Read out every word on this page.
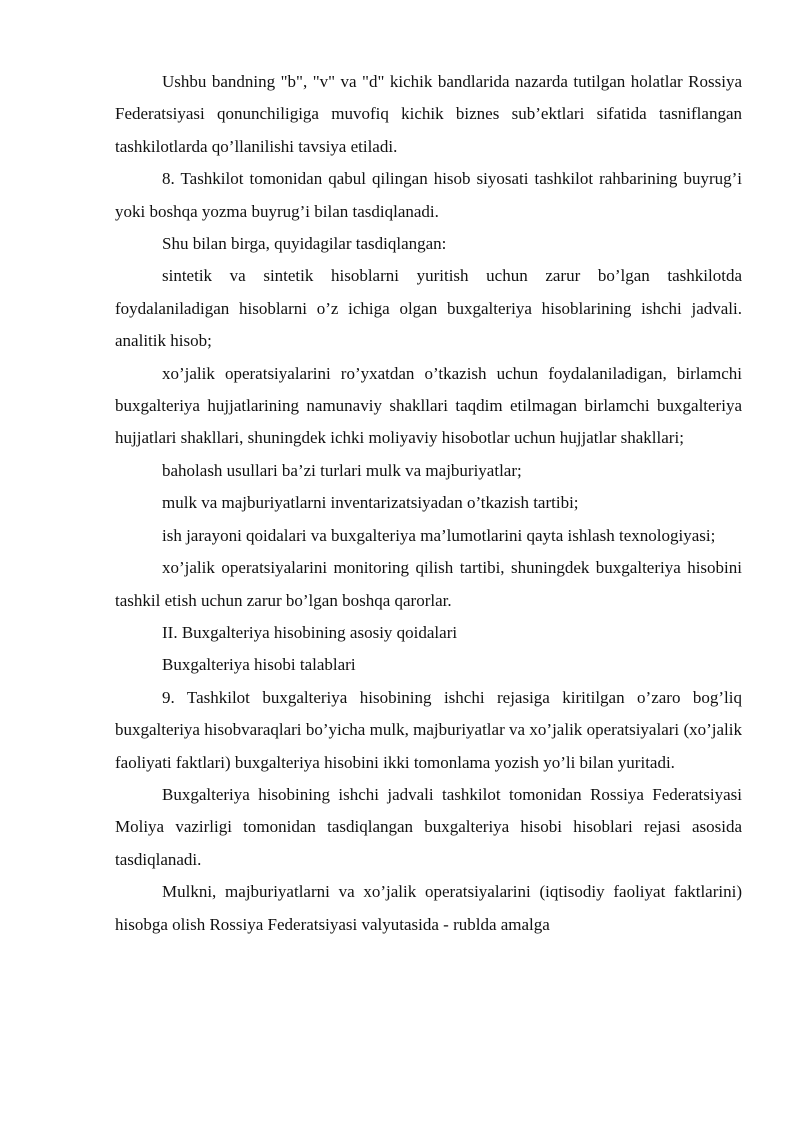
Ushbu bandning "b", "v" va "d" kichik bandlarida nazarda tutilgan holatlar Rossiya Federatsiyasi qonunchiligiga muvofiq kichik biznes sub’ektlari sifatida tasniflangan tashkilotlarda qo’llanilishi tavsiya etiladi.

8. Tashkilot tomonidan qabul qilingan hisob siyosati tashkilot rahbarining buyrug’i yoki boshqa yozma buyrug’i bilan tasdiqlanadi.

Shu bilan birga, quyidagilar tasdiqlangan:

sintetik va sintetik hisoblarni yuritish uchun zarur bo’lgan tashkilotda foydalaniladigan hisoblarni o’z ichiga olgan buxgalteriya hisoblarining ishchi jadvali. analitik hisob;

xo’jalik operatsiyalarini ro’yxatdan o’tkazish uchun foydalaniladigan, birlamchi buxgalteriya hujjatlarining namunaviy shakllari taqdim etilmagan birlamchi buxgalteriya hujjatlari shakllari, shuningdek ichki moliyaviy hisobotlar uchun hujjatlar shakllari;

baholash usullari ba’zi turlari mulk va majburiyatlar;

mulk va majburiyatlarni inventarizatsiyadan o’tkazish tartibi;

ish jarayoni qoidalari va buxgalteriya ma’lumotlarini qayta ishlash texnologiyasi;

xo’jalik operatsiyalarini monitoring qilish tartibi, shuningdek buxgalteriya hisobini tashkil etish uchun zarur bo’lgan boshqa qarorlar.

II. Buxgalteriya hisobining asosiy qoidalari

Buxgalteriya hisobi talablari

9. Tashkilot buxgalteriya hisobining ishchi rejasiga kiritilgan o’zaro bog’liq buxgalteriya hisobvaraqlari bo’yicha mulk, majburiyatlar va xo’jalik operatsiyalari (xo’jalik faoliyati faktlari) buxgalteriya hisobini ikki tomonlama yozish yo’li bilan yuritadi.

Buxgalteriya hisobining ishchi jadvali tashkilot tomonidan Rossiya Federatsiyasi Moliya vazirligi tomonidan tasdiqlangan buxgalteriya hisobi hisoblari rejasi asosida tasdiqlanadi.

Mulkni, majburiyatlarni va xo’jalik operatsiyalarini (iqtisodiy faoliyat faktlarini) hisobga olish Rossiya Federatsiyasi valyutasida - rublda amalga
